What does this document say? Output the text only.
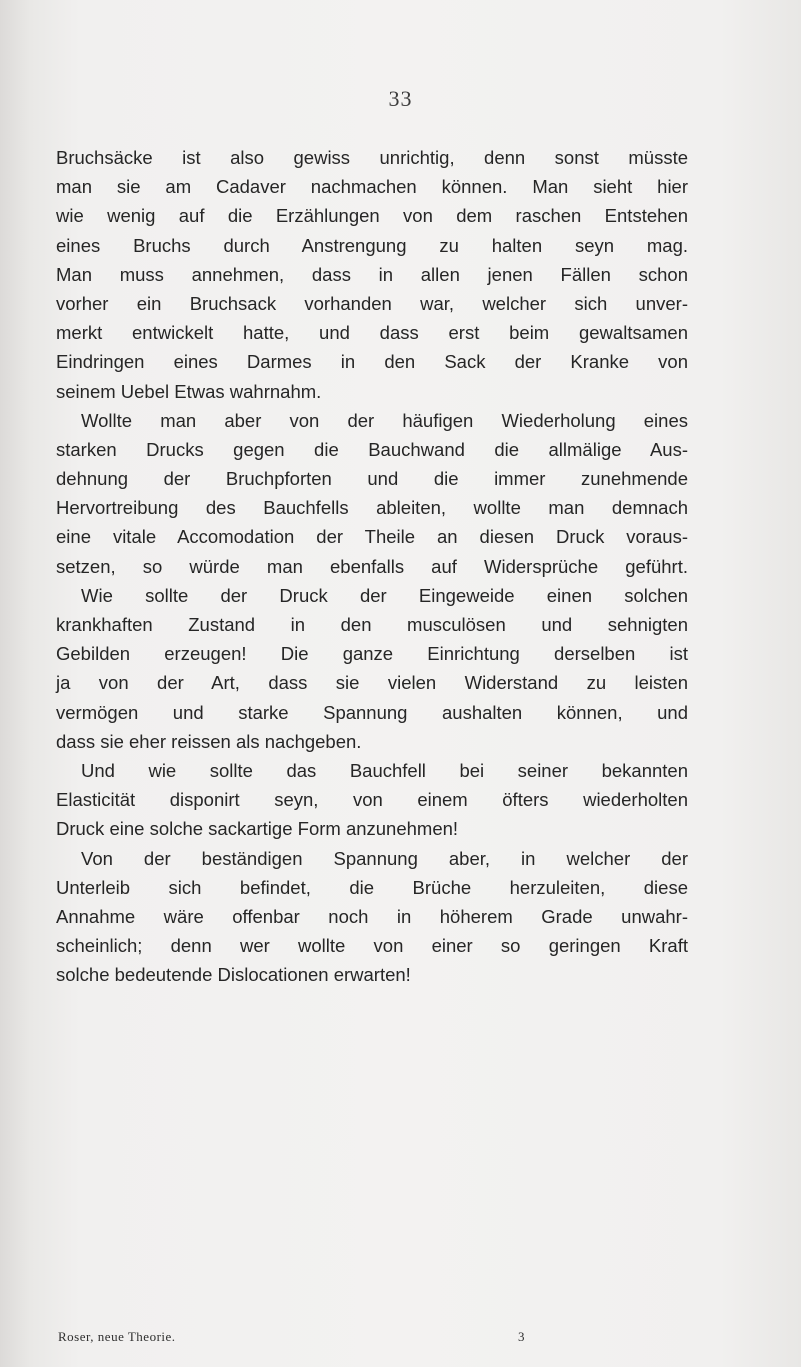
33
Bruchsäcke ist also gewiss unrichtig, denn sonst müsste
man sie am Cadaver nachmachen können. Man sieht hier
wie wenig auf die Erzählungen von dem raschen Entstehen
eines Bruchs durch Anstrengung zu halten seyn mag.
Man muss annehmen, dass in allen jenen Fällen schon
vorher ein Bruchsack vorhanden war, welcher sich unver-
merkt entwickelt hatte, und dass erst beim gewaltsamen
Eindringen eines Darmes in den Sack der Kranke von
seinem Uebel Etwas wahrnahm.
Wollte man aber von der häufigen Wiederholung eines
starken Drucks gegen die Bauchwand die allmälige Aus-
dehnung der Bruchpforten und die immer zunehmende
Hervortreibung des Bauchfells ableiten, wollte man demnach
eine vitale Accomodation der Theile an diesen Druck voraus-
setzen, so würde man ebenfalls auf Widersprüche geführt.
Wie sollte der Druck der Eingeweide einen solchen
krankhaften Zustand in den musculösen und sehnigten
Gebilden erzeugen! Die ganze Einrichtung derselben ist
ja von der Art, dass sie vielen Widerstand zu leisten
vermögen und starke Spannung aushalten können, und
dass sie eher reissen als nachgeben.
Und wie sollte das Bauchfell bei seiner bekannten
Elasticität disponirt seyn, von einem öfters wiederholten
Druck eine solche sackartige Form anzunehmen!
Von der beständigen Spannung aber, in welcher der
Unterleib sich befindet, die Brüche herzuleiten, diese
Annahme wäre offenbar noch in höherem Grade unwahr-
scheinlich; denn wer wollte von einer so geringen Kraft
solche bedeutende Dislocationen erwarten!
Roser, neue Theorie.	3
